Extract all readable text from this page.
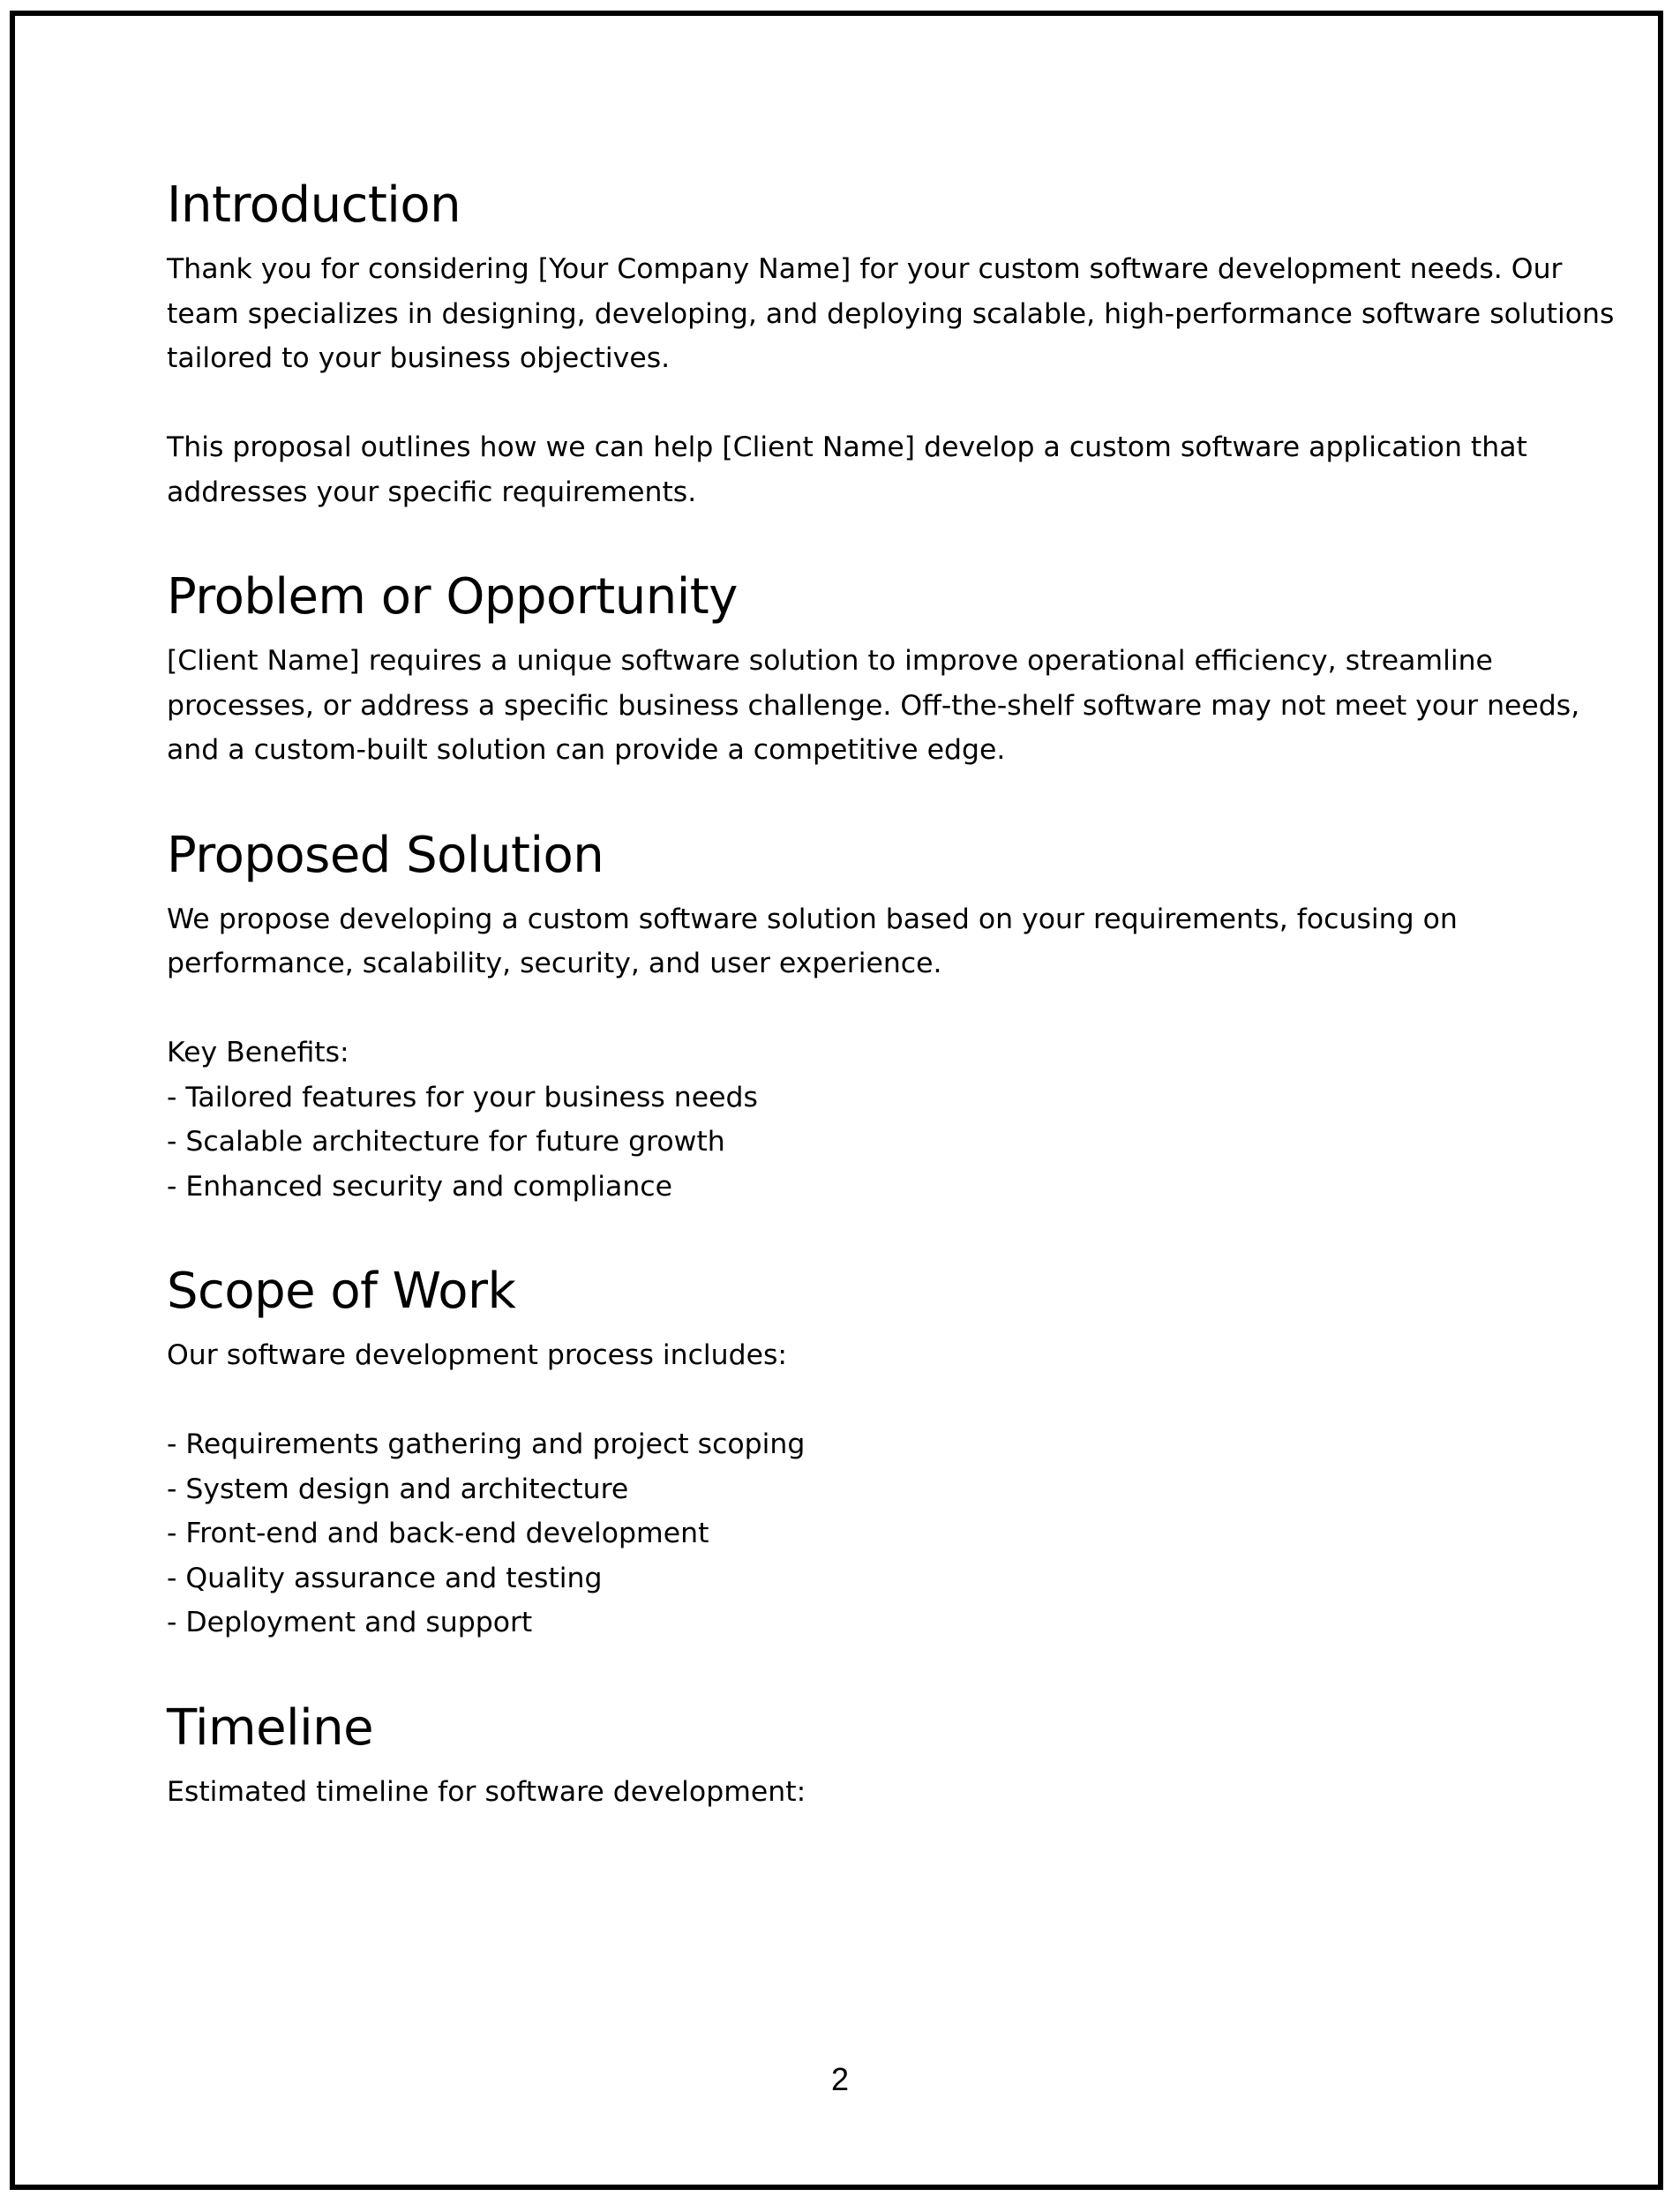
Introduction

Thank you for considering [Your Company Name] for your custom software development needs. Our
team specializes in designing, developing, and deploying scalable, high-performance software solutions
tailored to your business objectives.

This proposal outlines how we can help [Client Name] develop a custom software application that
addresses your specific requirements.

Problem or Opportunity

[Client Name] requires a unique software solution to improve operational efficiency, streamline
processes, or address a specific business challenge. Off-the-shelf software may not meet your needs,
and a custom-built solution can provide a competitive edge.

Proposed Solution

We propose developing a custom software solution based on your requirements, focusing on
performance, scalability, security, and user experience.

Key Benefits:
- Tailored features for your business needs
- Scalable architecture for future growth
- Enhanced security and compliance

Scope of Work

Our software development process includes:

- Requirements gathering and project scoping
- System design and architecture
- Front-end and back-end development
- Quality assurance and testing
- Deployment and support

Timeline

Estimated timeline for software development:

2
